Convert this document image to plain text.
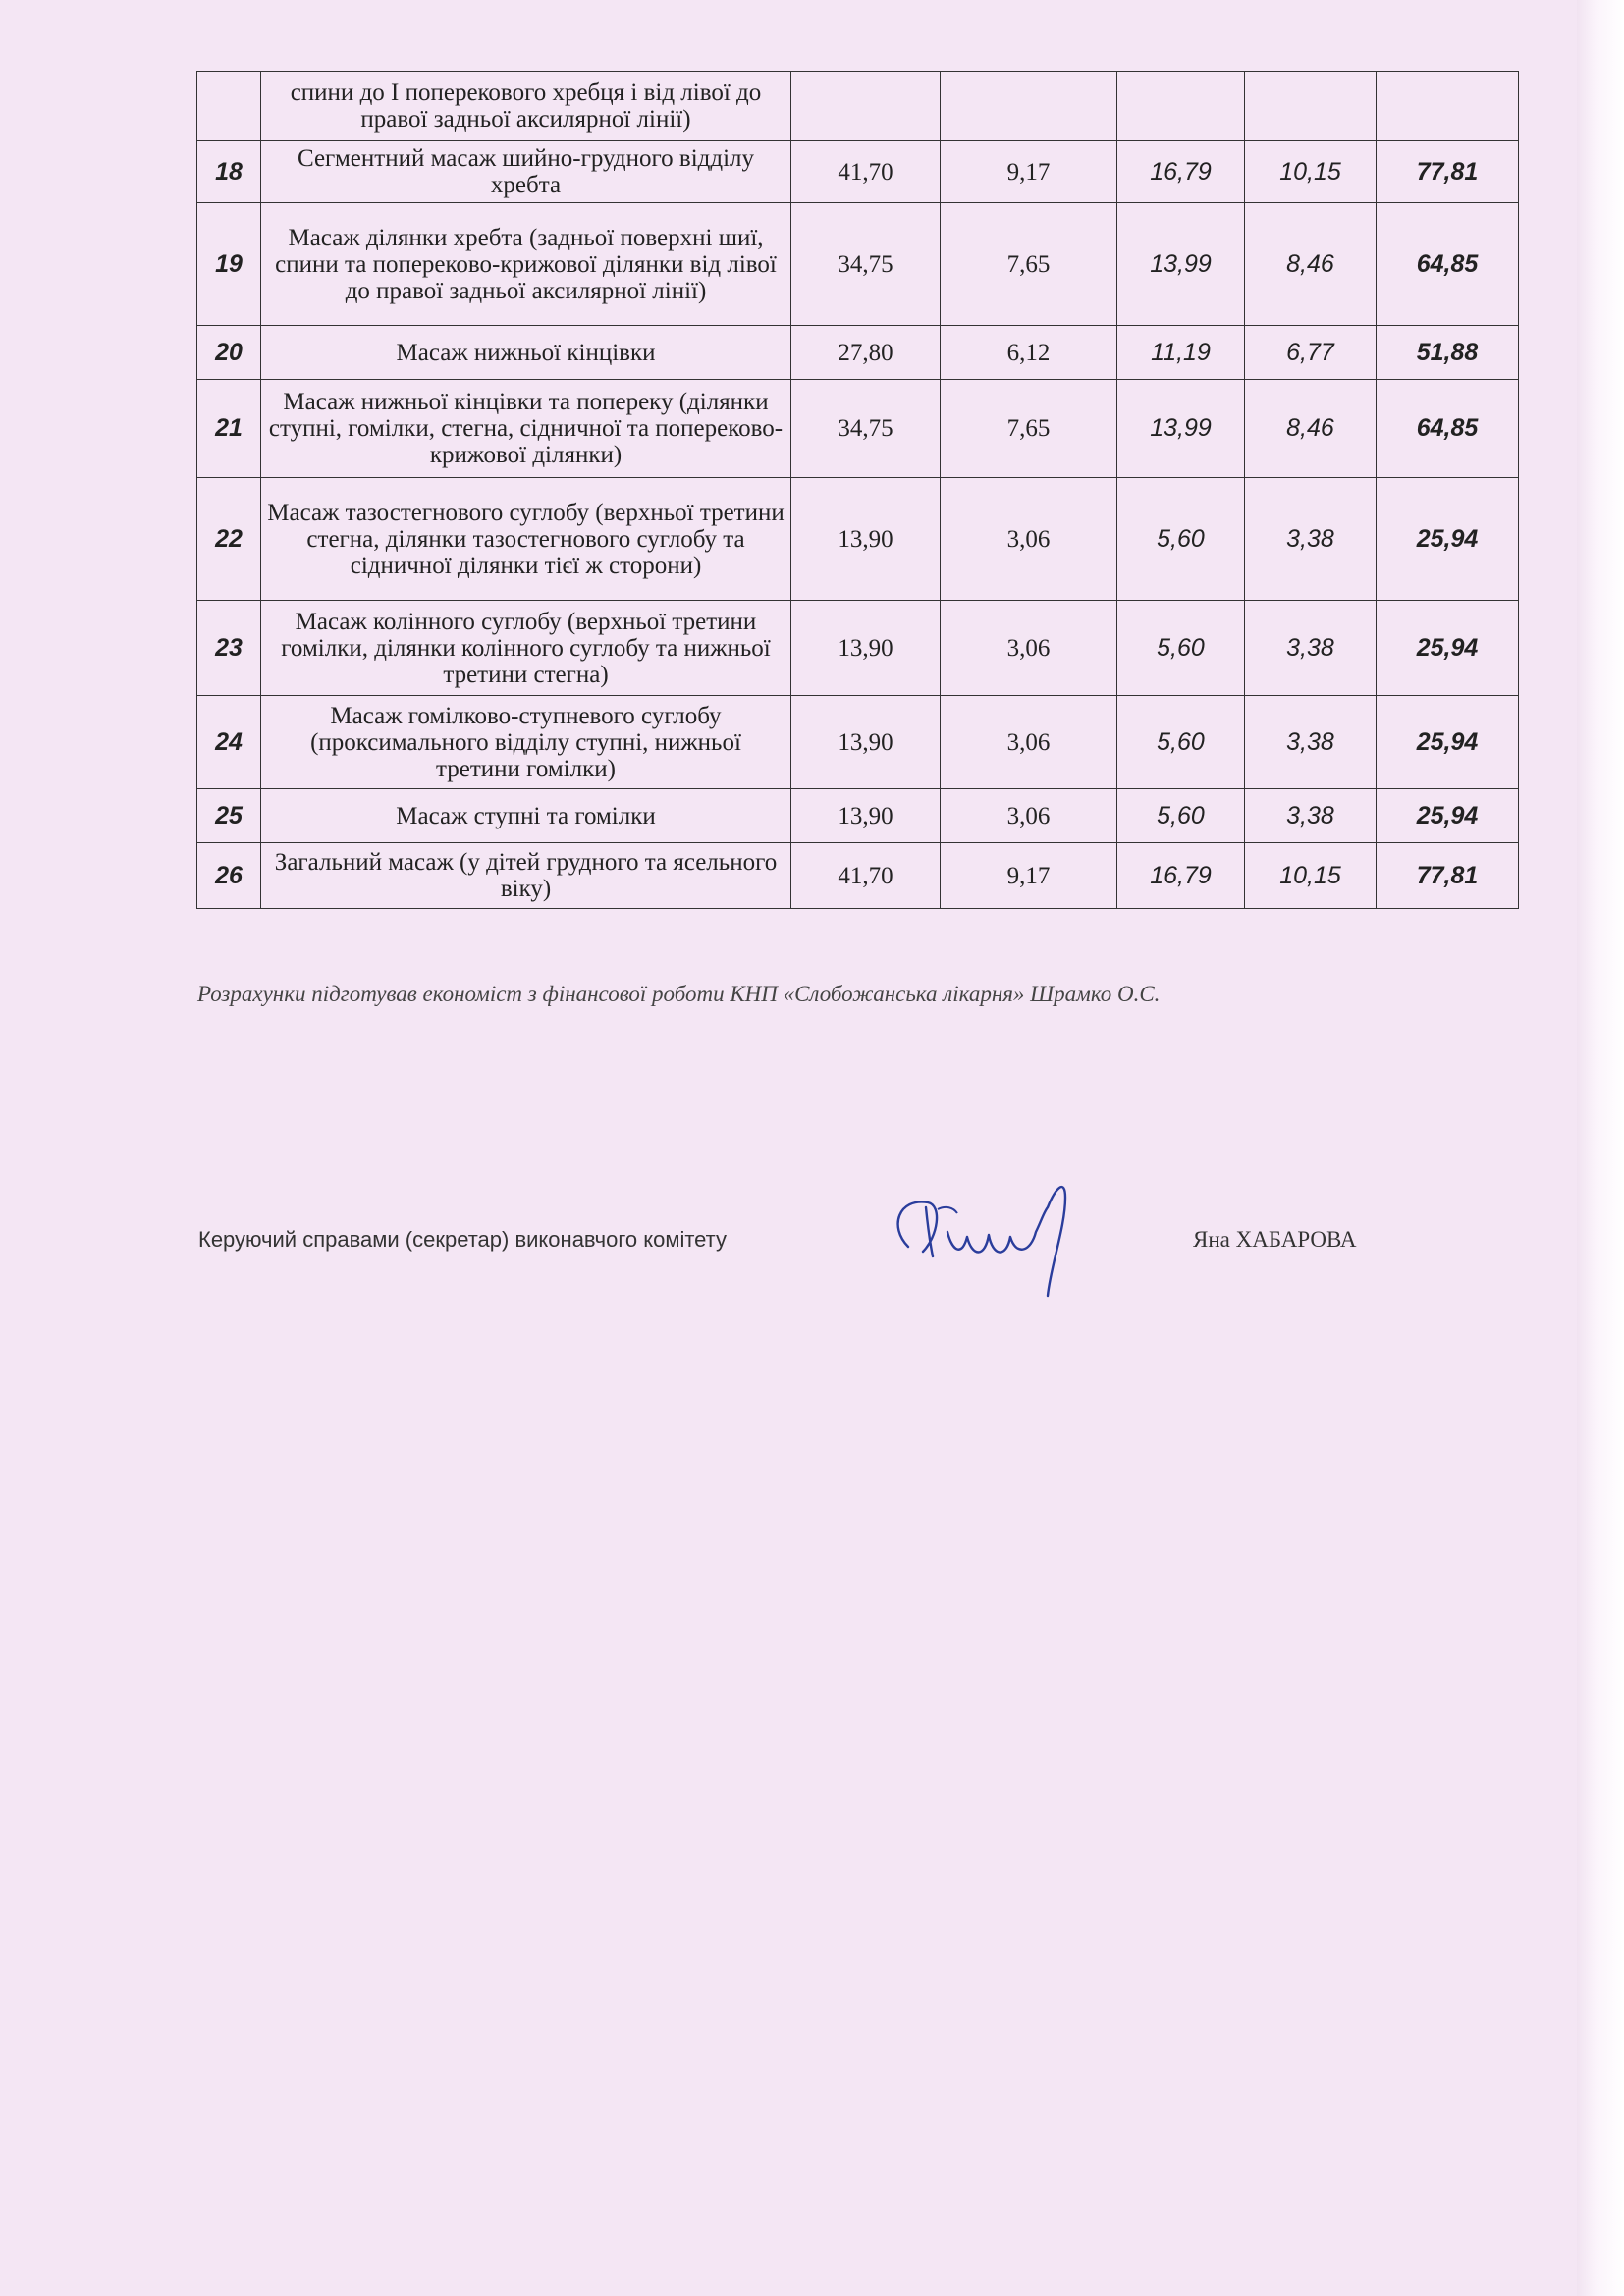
	спини до І поперекового хребця і від лівої до правої задньої аксилярної лінії)					
18	Сегментний масаж шийно-грудного відділу хребта	41,70	9,17	16,79	10,15	77,81
19	Масаж ділянки хребта (задньої поверхні шиї, спини та попереково-крижової ділянки від лівої до правої задньої аксилярної лінії)	34,75	7,65	13,99	8,46	64,85
20	Масаж нижньої кінцівки	27,80	6,12	11,19	6,77	51,88
21	Масаж нижньої кінцівки та попереку (ділянки ступні, гомілки, стегна, сідничної та попереково-крижової ділянки)	34,75	7,65	13,99	8,46	64,85
22	Масаж тазостегнового суглобу (верхньої третини стегна, ділянки тазостегнового суглобу та сідничної ділянки тієї ж сторони)	13,90	3,06	5,60	3,38	25,94
23	Масаж колінного суглобу (верхньої третини гомілки, ділянки колінного суглобу та нижньої третини стегна)	13,90	3,06	5,60	3,38	25,94
24	Масаж гомілково-ступневого суглобу (проксимального відділу ступні, нижньої третини гомілки)	13,90	3,06	5,60	3,38	25,94
25	Масаж ступні та гомілки	13,90	3,06	5,60	3,38	25,94
26	Загальний масаж (у дітей грудного та ясельного віку)	41,70	9,17	16,79	10,15	77,81
Розрахунки підготував економіст з фінансової роботи КНП «Слобожанська лікарня» Шрамко О.С.
Керуючий справами (секретар) виконавчого комітету	Яна ХАБАРОВА
